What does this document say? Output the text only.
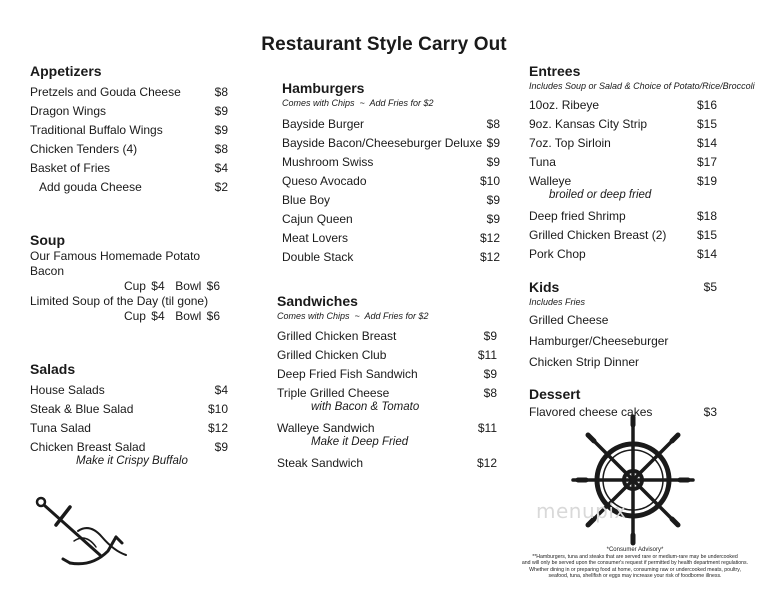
Restaurant Style Carry Out
Appetizers
Pretzels and Gouda Cheese	$8
Dragon Wings	$9
Traditional Buffalo Wings	$9
Chicken Tenders (4)	$8
Basket of Fries	$4
Add gouda Cheese	$2
Soup
Our Famous Homemade Potato Bacon
Cup $4  Bowl $6
Limited Soup of the Day (til gone)
Cup $4  Bowl $6
Salads
House Salads	$4
Steak & Blue Salad	$10
Tuna Salad	$12
Chicken Breast Salad	$9
Make it Crispy Buffalo
Hamburgers
Comes with Chips  ~  Add Fries for $2
Bayside Burger	$8
Bayside Bacon/Cheeseburger Deluxe $9
Mushroom Swiss	$9
Queso Avocado	$10
Blue Boy	$9
Cajun Queen	$9
Meat Lovers	$12
Double Stack	$12
Sandwiches
Comes with Chips  ~  Add Fries for $2
Grilled Chicken Breast	$9
Grilled Chicken Club	$11
Deep Fried Fish Sandwich	$9
Triple Grilled Cheese	$8
with Bacon & Tomato
Walleye Sandwich	$11
Make it Deep Fried
Steak Sandwich	$12
Entrees
Includes Soup or Salad & Choice of Potato/Rice/Broccoli
10oz. Ribeye	$16
9oz. Kansas City Strip	$15
7oz. Top Sirloin	$14
Tuna	$17
Walleye	$19
broiled or deep fried
Deep fried Shrimp	$18
Grilled Chicken Breast (2)	$15
Pork Chop	$14
Kids	$5
Includes Fries
Grilled Cheese
Hamburger/Cheeseburger
Chicken Strip Dinner
Dessert
Flavored cheese cakes	$3
menupix
*Consumer Advisory*
**Hamburgers, tuna and steaks that are served rare or medium-rare may be undercooked
and will only be served upon the consumer's request if permitted by health department regulations.
Whether dining in or preparing food at home, consuming raw or undercooked meats, poultry,
seafood, tuna, shellfish or eggs may increase your risk of foodborne illness.
